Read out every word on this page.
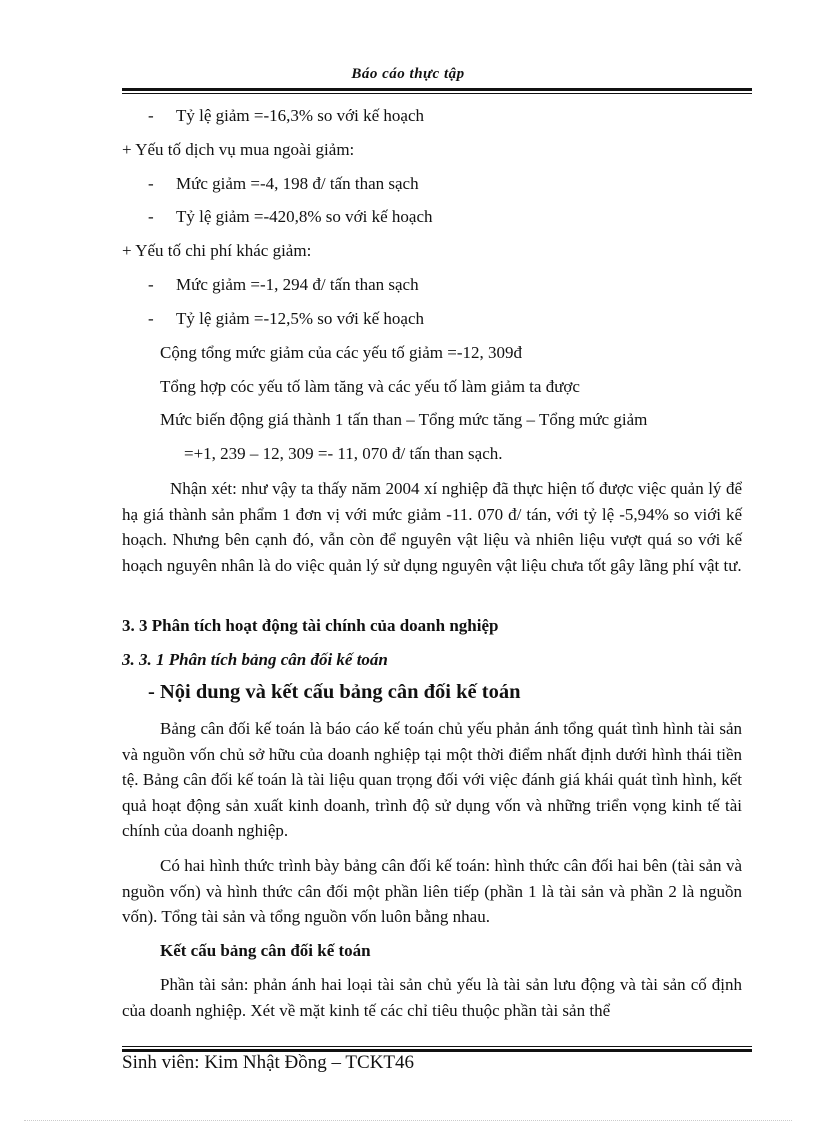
Báo cáo thực tập
- Tỷ lệ giảm =-16,3% so với kế hoạch
+ Yếu tố dịch vụ mua ngoài giảm:
- Mức giảm =-4, 198 đ/ tấn than sạch
- Tỷ lệ giảm =-420,8% so với kế hoạch
+ Yếu tố chi phí khác giảm:
- Mức giảm =-1, 294 đ/ tấn than sạch
- Tỷ lệ giảm =-12,5% so với kế hoạch
Cộng tổng mức giảm của các yếu tố giảm =-12, 309đ
Tổng hợp cóc yếu tố làm tăng và các yếu tố làm giảm ta được
Mức biến động giá thành 1 tấn than – Tổng mức tăng – Tổng mức giảm
=+1, 239 – 12, 309 =- 11, 070 đ/ tấn than sạch.
Nhận xét: như vậy ta thấy năm 2004 xí nghiệp đã thực hiện tố được việc quản lý để hạ giá thành sản phẩm 1 đơn vị với mức giảm -11. 070 đ/ tán, với tỷ lệ -5,94% so viới kế hoạch. Nhưng bên cạnh đó, vẫn còn để nguyên vật liệu và nhiên liệu vượt quá so với kế hoạch nguyên nhân là do việc quản lý sử dụng nguyên vật liệu chưa tốt gây lãng phí vật tư.
3. 3 Phân tích hoạt động tài chính của doanh nghiệp
3. 3. 1 Phân tích bảng cân đối kế toán
- Nội dung và kết cấu bảng cân đối kế toán
Bảng cân đối kế toán là báo cáo kế toán chủ yếu phản ánh tổng quát tình hình tài sản và nguồn vốn chủ sở hữu của doanh nghiệp tại một thời điểm nhất định dưới hình thái tiền tệ. Bảng cân đối kế toán là tài liệu quan trọng đối với việc đánh giá khái quát tình hình, kết quả hoạt động sản xuất kinh doanh, trình độ sử dụng vốn và những triển vọng kinh tế tài chính của doanh nghiệp.
Có hai hình thức trình bày bảng cân đối kế toán: hình thức cân đối hai bên (tài sản và nguồn vốn) và hình thức cân đối một phần liên tiếp (phần 1 là tài sản và phần 2 là nguồn vốn). Tổng tài sản và tổng nguồn vốn luôn bằng nhau.
Kết cấu bảng cân đối kế toán
Phần tài sản: phản ánh hai loại tài sản chủ yếu là tài sản lưu động và tài sản cố định của doanh nghiệp. Xét về mặt kinh tế các chỉ tiêu thuộc phần tài sản thể
Sinh viên: Kim Nhật Đồng – TCKT46
